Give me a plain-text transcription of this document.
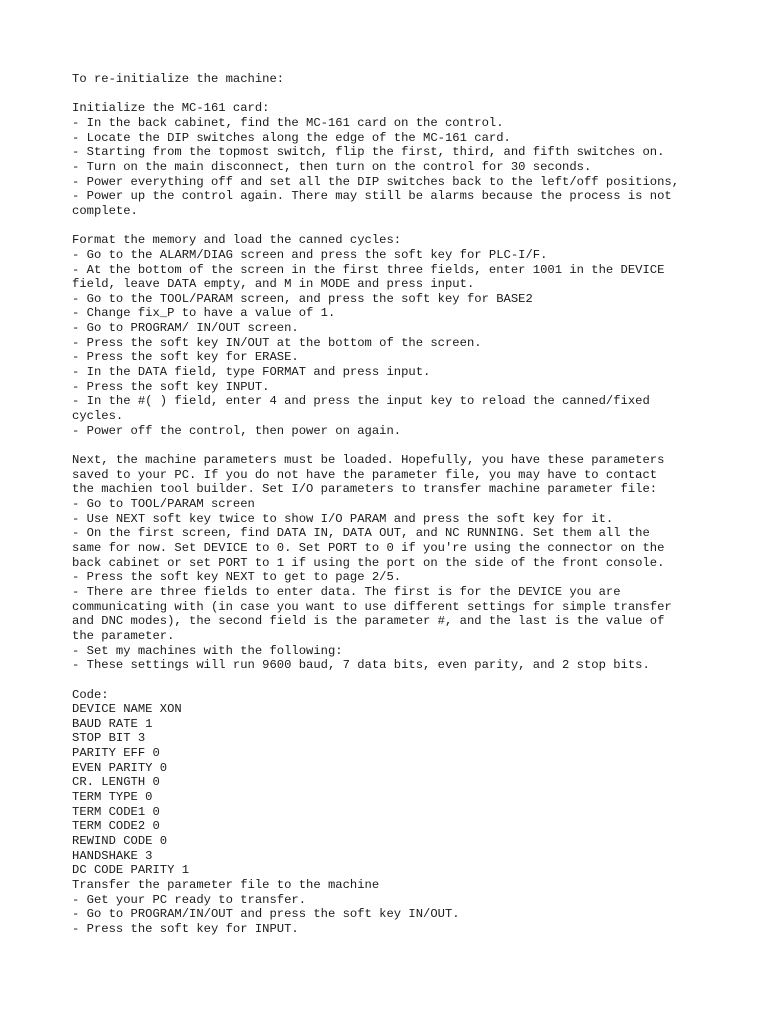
To re-initialize the machine:
Initialize the MC-161 card:
- In the back cabinet, find the MC-161 card on the control.
- Locate the DIP switches along the edge of the MC-161 card.
- Starting from the topmost switch, flip the first, third, and fifth switches on.
- Turn on the main disconnect, then turn on the control for 30 seconds.
- Power everything off and set all the DIP switches back to the left/off positions,
- Power up the control again. There may still be alarms because the process is not
complete.
Format the memory and load the canned cycles:
- Go to the ALARM/DIAG screen and press the soft key for PLC-I/F.
- At the bottom of the screen in the first three fields, enter 1001 in the DEVICE
field, leave DATA empty, and M in MODE and press input.
- Go to the TOOL/PARAM screen, and press the soft key for BASE2
- Change fix_P to have a value of 1.
- Go to PROGRAM/ IN/OUT screen.
- Press the soft key IN/OUT at the bottom of the screen.
- Press the soft key for ERASE.
- In the DATA field, type FORMAT and press input.
- Press the soft key INPUT.
- In the #( ) field, enter 4 and press the input key to reload the canned/fixed
cycles.
- Power off the control, then power on again.
Next, the machine parameters must be loaded. Hopefully, you have these parameters
saved to your PC. If you do not have the parameter file, you may have to contact
the machien tool builder. Set I/O parameters to transfer machine parameter file:
- Go to TOOL/PARAM screen
- Use NEXT soft key twice to show I/O PARAM and press the soft key for it.
- On the first screen, find DATA IN, DATA OUT, and NC RUNNING. Set them all the
same for now. Set DEVICE to 0. Set PORT to 0 if you're using the connector on the
back cabinet or set PORT to 1 if using the port on the side of the front console.
- Press the soft key NEXT to get to page 2/5.
- There are three fields to enter data. The first is for the DEVICE you are
communicating with (in case you want to use different settings for simple transfer
and DNC modes), the second field is the parameter #, and the last is the value of
the parameter.
- Set my machines with the following:
- These settings will run 9600 baud, 7 data bits, even parity, and 2 stop bits.
Code:
DEVICE NAME XON
BAUD RATE 1
STOP BIT 3
PARITY EFF 0
EVEN PARITY 0
CR. LENGTH 0
TERM TYPE 0
TERM CODE1 0
TERM CODE2 0
REWIND CODE 0
HANDSHAKE 3
DC CODE PARITY 1
Transfer the parameter file to the machine
- Get your PC ready to transfer.
- Go to PROGRAM/IN/OUT and press the soft key IN/OUT.
- Press the soft key for INPUT.
